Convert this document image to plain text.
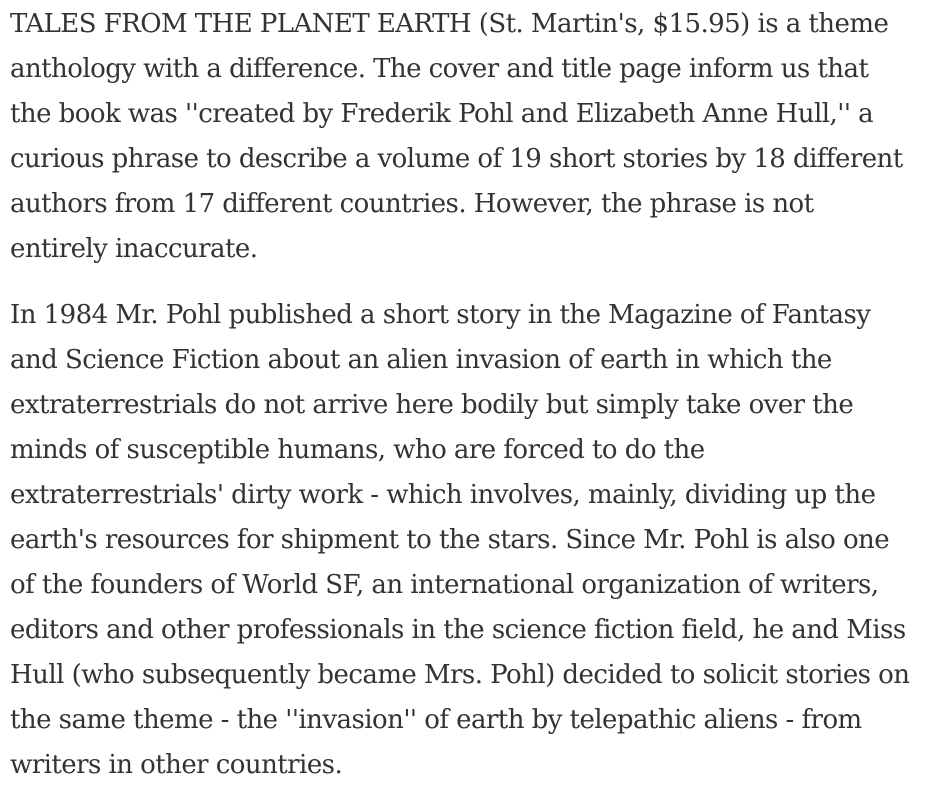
TALES FROM THE PLANET EARTH (St. Martin's, $15.95) is a theme anthology with a difference. The cover and title page inform us that the book was ''created by Frederik Pohl and Elizabeth Anne Hull,'' a curious phrase to describe a volume of 19 short stories by 18 different authors from 17 different countries. However, the phrase is not entirely inaccurate.

In 1984 Mr. Pohl published a short story in the Magazine of Fantasy and Science Fiction about an alien invasion of earth in which the extraterrestrials do not arrive here bodily but simply take over the minds of susceptible humans, who are forced to do the extraterrestrials' dirty work - which involves, mainly, dividing up the earth's resources for shipment to the stars. Since Mr. Pohl is also one of the founders of World SF, an international organization of writers, editors and other professionals in the science fiction field, he and Miss Hull (who subsequently became Mrs. Pohl) decided to solicit stories on the same theme - the ''invasion'' of earth by telepathic aliens - from writers in other countries.
